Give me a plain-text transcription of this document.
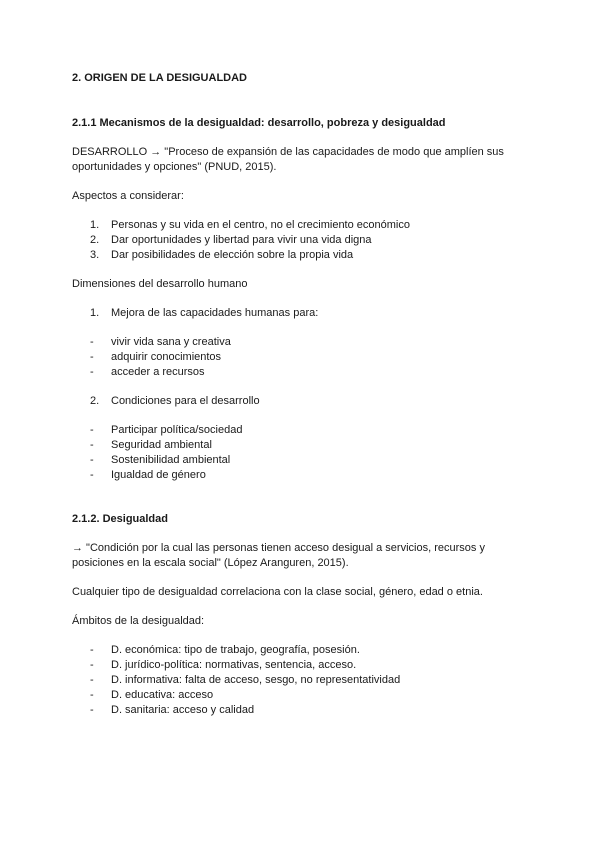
2. ORIGEN DE LA DESIGUALDAD
2.1.1 Mecanismos de la desigualdad: desarrollo, pobreza y desigualdad
DESARROLLO → "Proceso de expansión de las capacidades de modo que amplíen sus
oportunidades y opciones" (PNUD, 2015).
Aspectos a considerar:
1. Personas y su vida en el centro, no el crecimiento económico
2. Dar oportunidades y libertad para vivir una vida digna
3. Dar posibilidades de elección sobre la propia vida
Dimensiones del desarrollo humano
1. Mejora de las capacidades humanas para:
- vivir vida sana y creativa
- adquirir conocimientos
- acceder a recursos
2. Condiciones para el desarrollo
- Participar política/sociedad
- Seguridad ambiental
- Sostenibilidad ambiental
- Igualdad de género
2.1.2. Desigualdad
→ "Condición por la cual las personas tienen acceso desigual a servicios, recursos y
posiciones en la escala social" (López Aranguren, 2015).
Cualquier tipo de desigualdad correlaciona con la clase social, género, edad o etnia.
Ámbitos de la desigualdad:
- D. económica: tipo de trabajo, geografía, posesión.
- D. jurídico-política: normativas, sentencia, acceso.
- D. informativa: falta de acceso, sesgo, no representatividad
- D. educativa: acceso
- D. sanitaria: acceso y calidad
